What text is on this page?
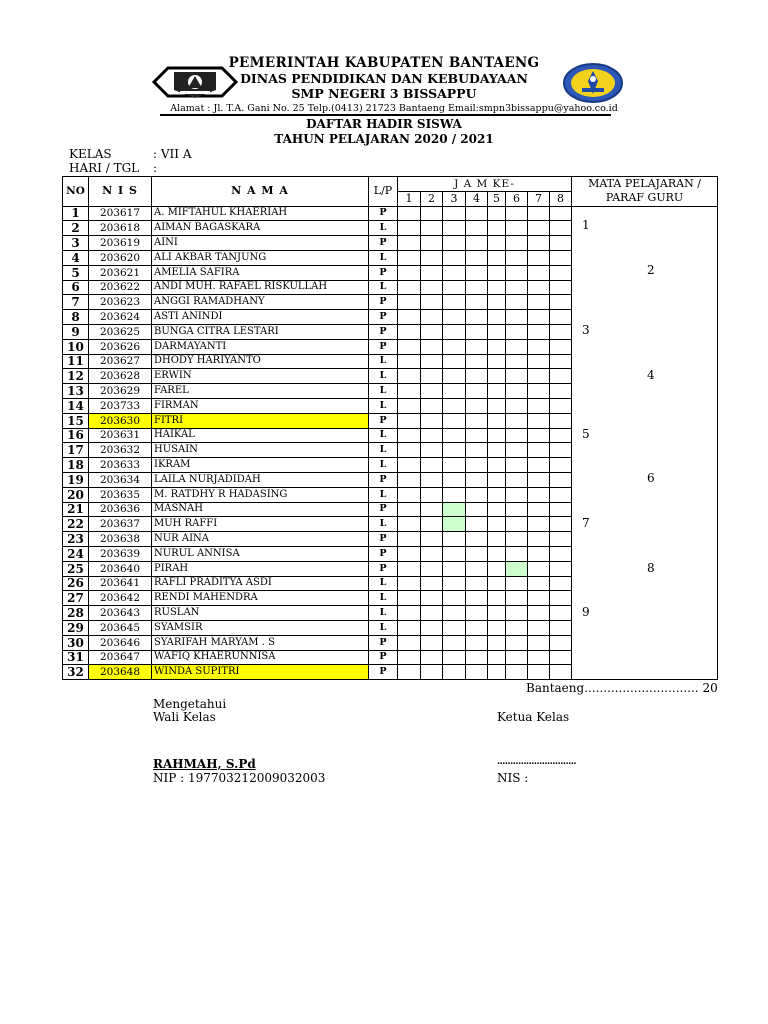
PEMERINTAH KABUPATEN BANTAENG
DINAS PENDIDIKAN DAN KEBUDAYAAN
SMP NEGERI 3 BISSAPPU
Alamat : Jl. T.A. Gani No. 25 Telp.(0413) 21723 Bantaeng Email:smpn3bissappu@yahoo.co.id
DAFTAR HADIR SISWA
TAHUN PELAJARAN 2020 / 2021
KELAS	: VII A
HARI / TGL :
NO	N I S	N A M A	L/P	J A M KE-								MATA PELAJARAN /
PARAF GURU

				1	2	3	4	5	6	7	8	
1	203617	A. MIFTAHUL KHAERIAH	P									
2	203618	AIMAN BAGASKARA	L									
3	203619	AINI	P									
4	203620	ALI AKBAR TANJUNG	L									
5	203621	AMELIA SAFIRA	P									
6	203622	ANDI MUH. RAFAEL RISKULLAH	L									
7	203623	ANGGI RAMADHANY	P									
8	203624	ASTI ANINDI	P									
9	203625	BUNGA CITRA LESTARI	P									
10	203626	DARMAYANTI	P									
11	203627	DHODY HARIYANTO	L									
12	203628	ERWIN	L									
13	203629	FAREL	L									
14	203733	FIRMAN	L									
15	203630	FITRI	P									
16	203631	HAIKAL	L									
17	203632	HUSAIN	L									
18	203633	IKRAM	L									
19	203634	LAILA NURJADIDAH	P									
20	203635	M. RATDHY R HADASING	L									
21	203636	MASNAH	P									
22	203637	MUH RAFFI	L									
23	203638	NUR AINA	P									
24	203639	NURUL ANNISA	P									
25	203640	PIRAH	P									
26	203641	RAFLI PRADITYA ASDI	L									
27	203642	RENDI MAHENDRA	L									
28	203643	RUSLAN	L									
29	203645	SYAMSIR	L									
30	203646	SYARIFAH MARYAM . S	P									
31	203647	WAFIQ KHAERUNNISA	P									
32	203648	WINDA SUPITRI	P									
1
2
3
4
5
6
7
8
9
Bantaeng.............................. 20
Mengetahui
Wali Kelas	Ketua Kelas
RAHMAH, S.Pd	..............................
NIP : 197703212009032003	NIS :
